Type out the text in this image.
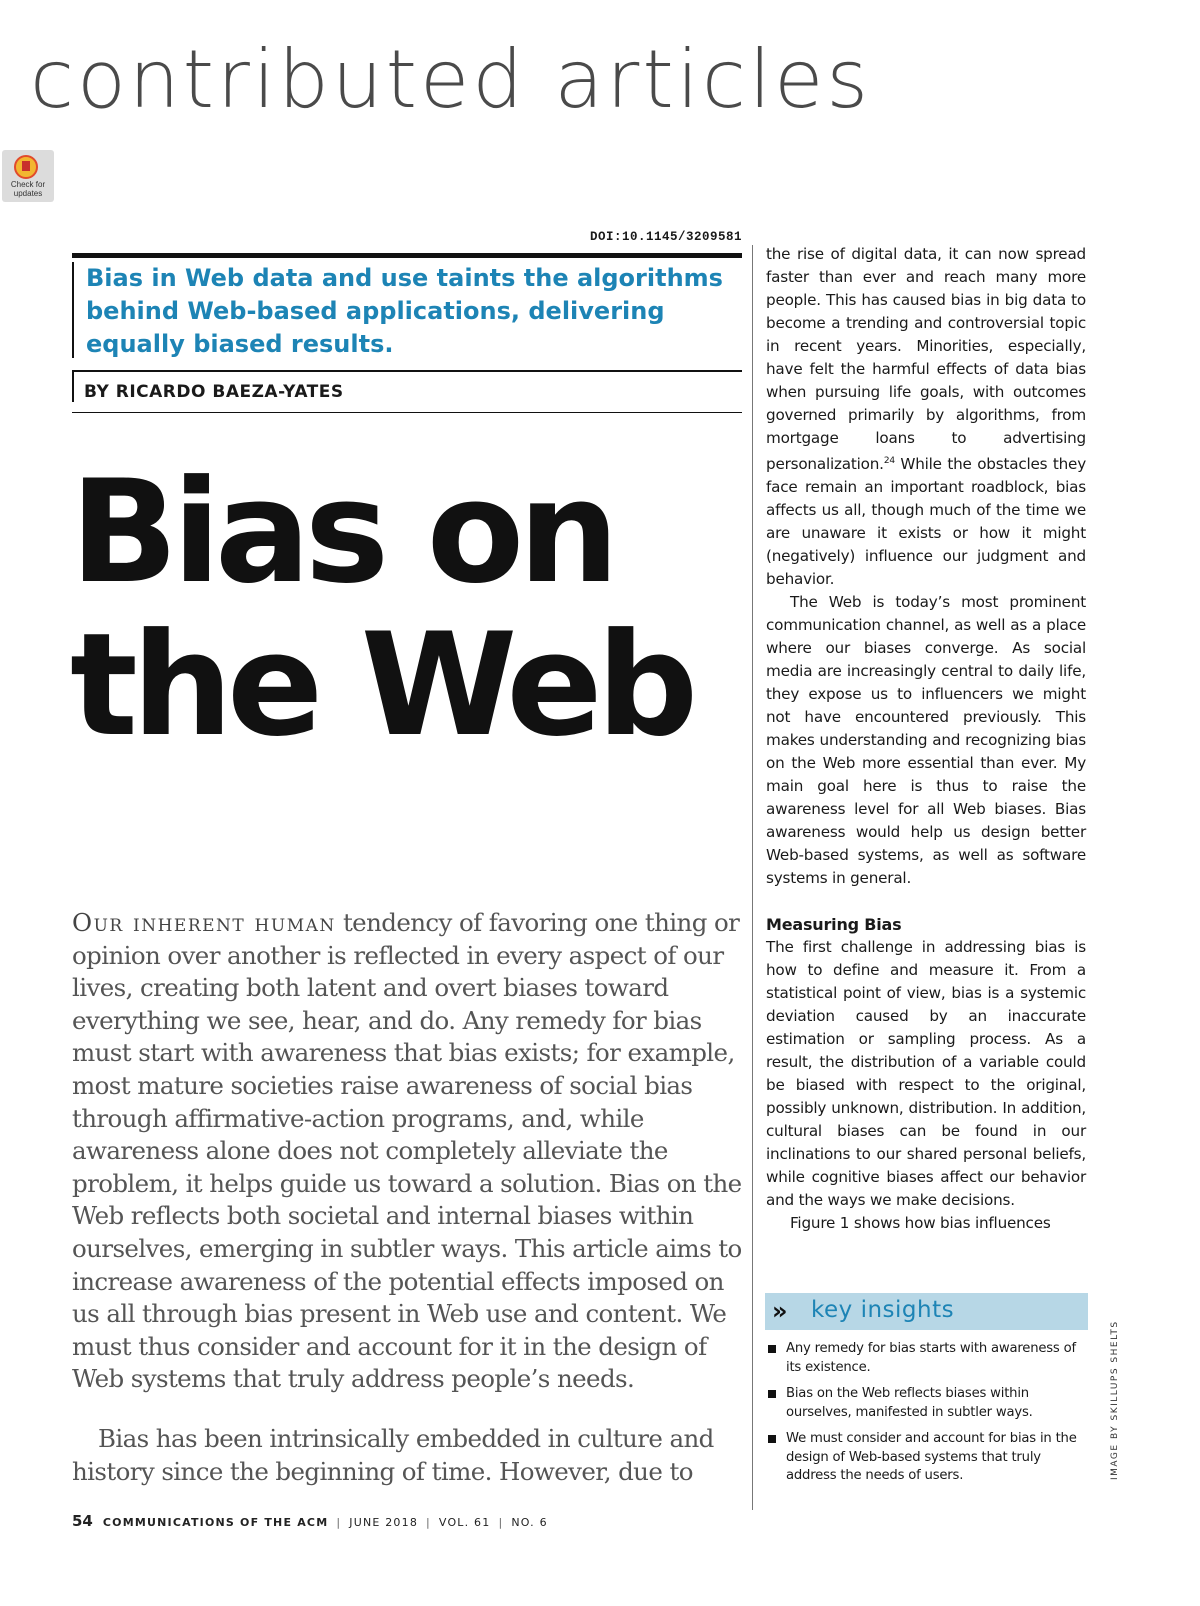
contributed articles
Check for updates
DOI:10.1145/3209581

Bias in Web data and use taints the algorithms behind Web-based applications, delivering equally biased results.

BY RICARDO BAEZA-YATES
Bias on
the Web

Our inherent human tendency of favoring one thing or opinion over another is reflected in every aspect of our lives, creating both latent and overt biases toward everything we see, hear, and do. Any remedy for bias must start with awareness that bias exists; for example, most mature societies raise awareness of social bias through affirmative-action programs, and, while awareness alone does not completely alleviate the problem, it helps guide us toward a solution. Bias on the Web reflects both societal and internal biases within ourselves, emerging in subtler ways. This article aims to increase awareness of the potential effects imposed on us all through bias present in Web use and content. We must thus consider and account for it in the design of Web systems that truly address people’s needs.

Bias has been intrinsically embedded in culture and history since the beginning of time. However, due to

the rise of digital data, it can now spread faster than ever and reach many more people. This has caused bias in big data to become a trending and controversial topic in recent years. Minorities, especially, have felt the harmful effects of data bias when pursuing life goals, with outcomes governed primarily by algorithms, from mortgage loans to advertising personalization.$^{24}$ While the obstacles they face remain an important roadblock, bias affects us all, though much of the time we are unaware it exists or how it might (negatively) influence our judgment and behavior.

The Web is today’s most prominent communication channel, as well as a place where our biases converge. As social media are increasingly central to daily life, they expose us to influencers we might not have encountered previously. This makes understanding and recognizing bias on the Web more essential than ever. My main goal here is thus to raise the awareness level for all Web biases. Bias awareness would help us design better Web-based systems, as well as software systems in general.

Measuring Bias

The first challenge in addressing bias is how to define and measure it. From a statistical point of view, bias is a systemic deviation caused by an inaccurate estimation or sampling process. As a result, the distribution of a variable could be biased with respect to the original, possibly unknown, distribution. In addition, cultural biases can be found in our inclinations to our shared personal beliefs, while cognitive biases affect our behavior and the ways we make decisions.

Figure 1 shows how bias influences

» key insights
Any remedy for bias starts with awareness of its existence.
Bias on the Web reflects biases within ourselves, manifested in subtler ways.
We must consider and account for bias in the design of Web-based systems that truly address the needs of users.	IMAGE BY SKILLUPS SHELTS
54 COMMUNICATIONS OF THE ACM | JUNE 2018 | VOL. 61 | NO. 6
